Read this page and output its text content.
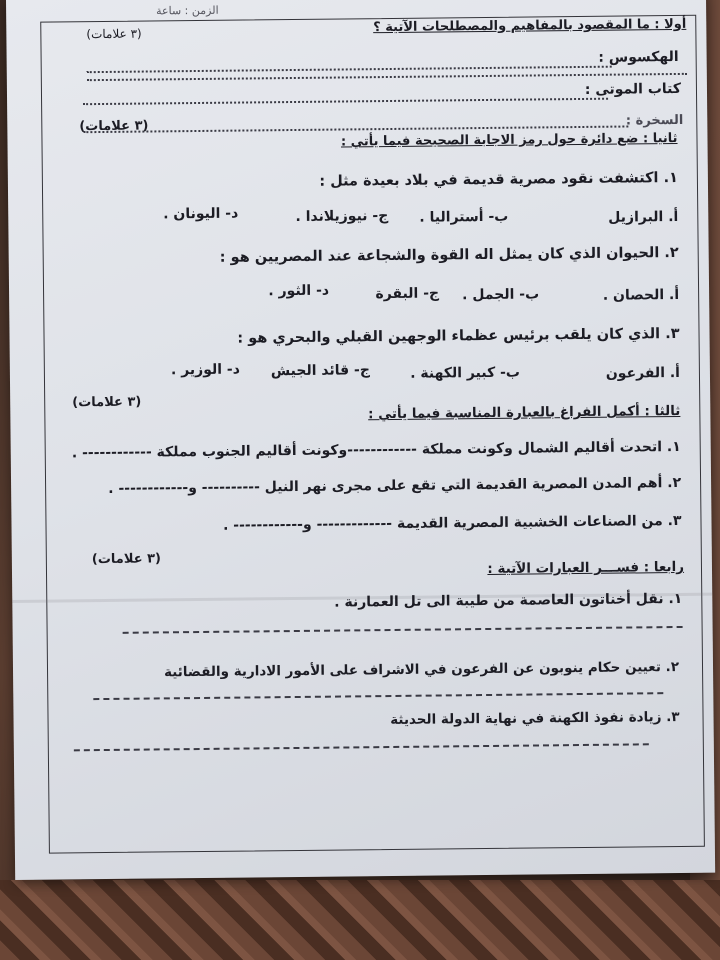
الزمن : ساعة
أولا : ما المقصود بالمفاهيم والمصطلحات الآتية ؟
(٣ علامات)
الهكسوس :
كتاب الموتى :
السخرة :
ثانيا : ضع دائرة حول رمز الاجابة الصحيحة فيما يأتي :
(٣ علامات)
١. اكتشفت نقود مصرية قديمة في بلاد بعيدة مثل :
أ. البرازيل
ب- أستراليا .
ج- نيوزيلاندا .
د- اليونان .
٢. الحيوان الذي كان يمثل اله القوة والشجاعة عند المصريين هو :
أ. الحصان .
ب- الجمل .
ج- البقرة
د- الثور .
٣. الذي كان يلقب برئيس عظماء الوجهين القبلي والبحري هو :
أ. الفرعون
ب- كبير الكهنة .
ج- قائد الجيش
د- الوزير .
ثالثا : أكمل الفراغ بالعبارة المناسبة فيما يأتي :
(٣ علامات)
١. اتحدت أقاليم الشمال وكونت مملكة ------------وكونت أقاليم الجنوب مملكة ------------ .
٢. أهم المدن المصرية القديمة التي تقع على مجرى نهر النيل ---------- و------------ .
٣. من الصناعات الخشبية المصرية القديمة ------------- و------------ .
رابعا : فســـر العبارات الآتية :
(٣ علامات)
١. نقل أخناتون العاصمة من طيبة الى تل العمارنة .
٢. تعيين حكام ينوبون عن الفرعون في الاشراف على الأمور الادارية والقضائية
٣. زيادة نفوذ الكهنة في نهاية الدولة الحديثة
